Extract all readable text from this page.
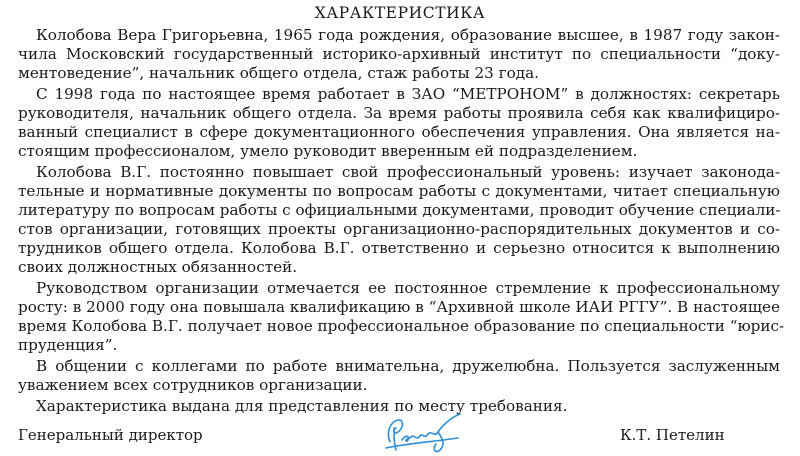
ХАРАКТЕРИСТИКА

Колобова Вера Григорьевна, 1965 года рождения, образование высшее, в 1987 году закон-

чила Московский государственный историко-архивный институт по специальности “доку-

ментоведение”, начальник общего отдела, стаж работы 23 года.

С 1998 года по настоящее время работает в ЗАО “МЕТРОНОМ” в должностях: секретарь

руководителя, начальник общего отдела. За время работы проявила себя как квалифициро-

ванный специалист в сфере документационного обеспечения управления. Она является на-

стоящим профессионалом, умело руководит вверенным ей подразделением.

Колобова В.Г. постоянно повышает свой профессиональный уровень: изучает законода-

тельные и нормативные документы по вопросам работы с документами, читает специальную

литературу по вопросам работы с официальными документами, проводит обучение специали-

стов организации, готовящих проекты организационно-распорядительных документов и со-

трудников общего отдела. Колобова В.Г. ответственно и серьезно относится к выполнению

своих должностных обязанностей.

Руководством организации отмечается ее постоянное стремление к профессиональному

росту: в 2000 году она повышала квалификацию в “Архивной школе ИАИ РГГУ”. В настоящее

время Колобова В.Г. получает новое профессиональное образование по специальности “юрис-

пруденция”.

В общении с коллегами по работе внимательна, дружелюбна. Пользуется заслуженным

уважением всех сотрудников организации.

Характеристика выдана для представления по месту требования.

Генеральный директор	К.Т. Петелин
